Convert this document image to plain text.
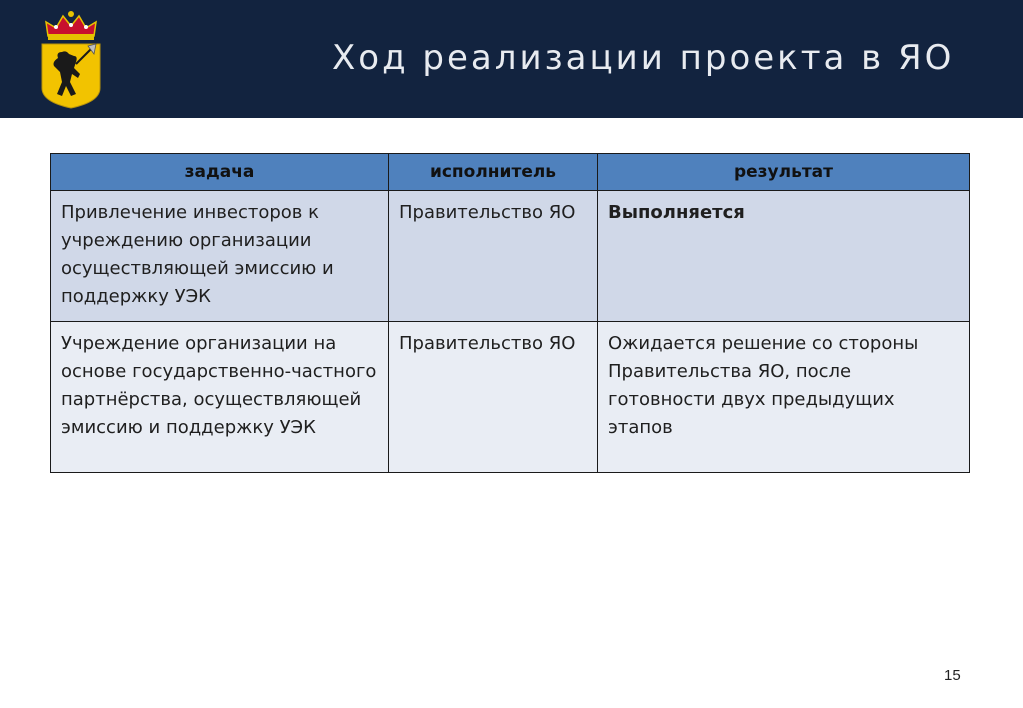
Ход реализации проекта в ЯО
задача	исполнитель	результат
Привлечение инвесторов к учреждению организации осуществляющей эмиссию и поддержку УЭК	Правительство ЯО	Выполняется
Учреждение организации на основе государственно-частного партнёрства, осуществляющей эмиссию и поддержку УЭК	Правительство ЯО	Ожидается решение со стороны Правительства ЯО, после готовности двух предыдущих этапов
15
